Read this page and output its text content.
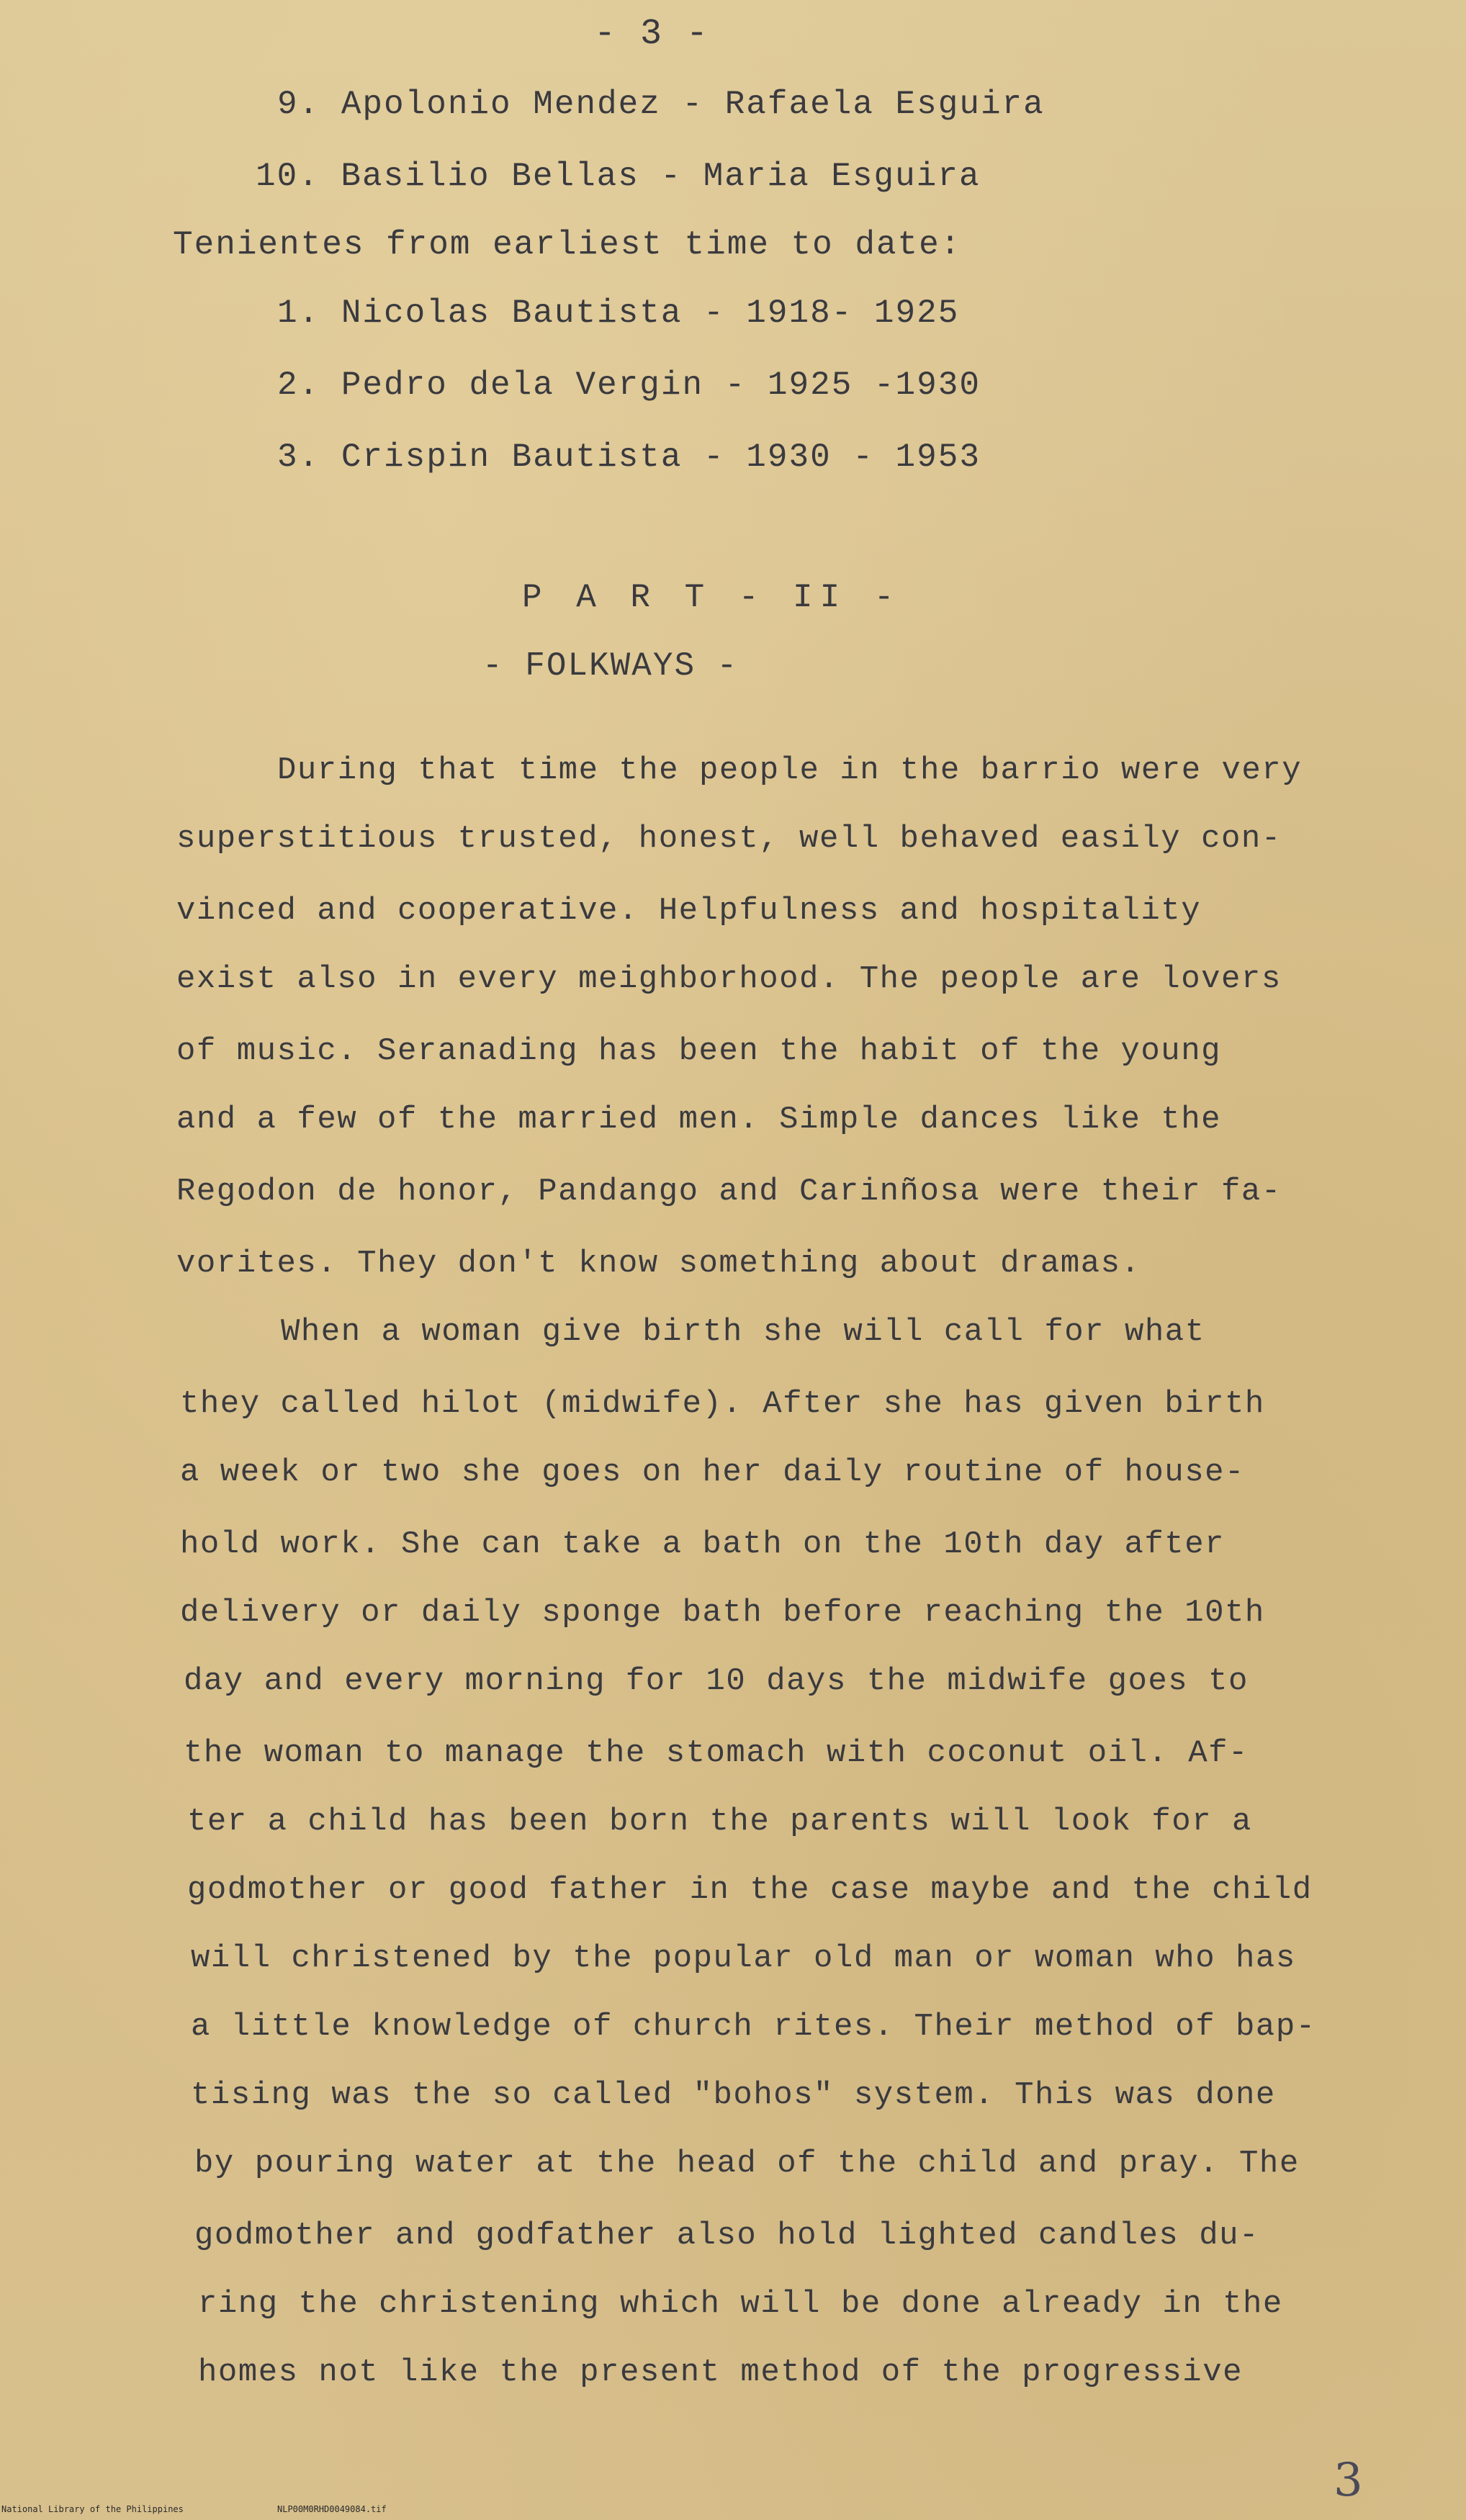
- 3 -
9. Apolonio Mendez - Rafaela Esguira
10. Basilio Bellas - Maria Esguira
Tenientes from earliest time to date:
1. Nicolas Bautista - 1918- 1925
2. Pedro dela Vergin - 1925 -1930
3. Crispin Bautista - 1930 - 1953
P A R T - II -
- FOLKWAYS -
During that time the people in the barrio were very
superstitious trusted, honest, well behaved easily con-
vinced and cooperative. Helpfulness and hospitality
exist also in every meighborhood. The people are lovers
of music. Seranading has been the habit of the young
and a few of the married men. Simple dances like the
Regodon de honor, Pandango and Carinñosa were their fa-
vorites. They don't know something about dramas.
When a woman give birth she will call for what
they called hilot (midwife). After she has given birth
a week or two she goes on her daily routine of house-
hold work. She can take a bath on the 10th day after
delivery or daily sponge bath before reaching the 10th
day and every morning for 10 days the midwife goes to
the woman to manage the stomach with coconut oil. Af-
ter a child has been born the parents will look for a
godmother or good father in the case maybe and the child
will christened by the popular old man or woman who has
a little knowledge of church rites. Their method of bap-
tising was the so called "bohos" system. This was done
by pouring water at the head of the child and pray. The
godmother and godfather also hold lighted candles du-
ring the christening which will be done already in the
homes not like the present method of the progressive
3
National Library of the Philippines	NLP00M0RHD0049084.tif
